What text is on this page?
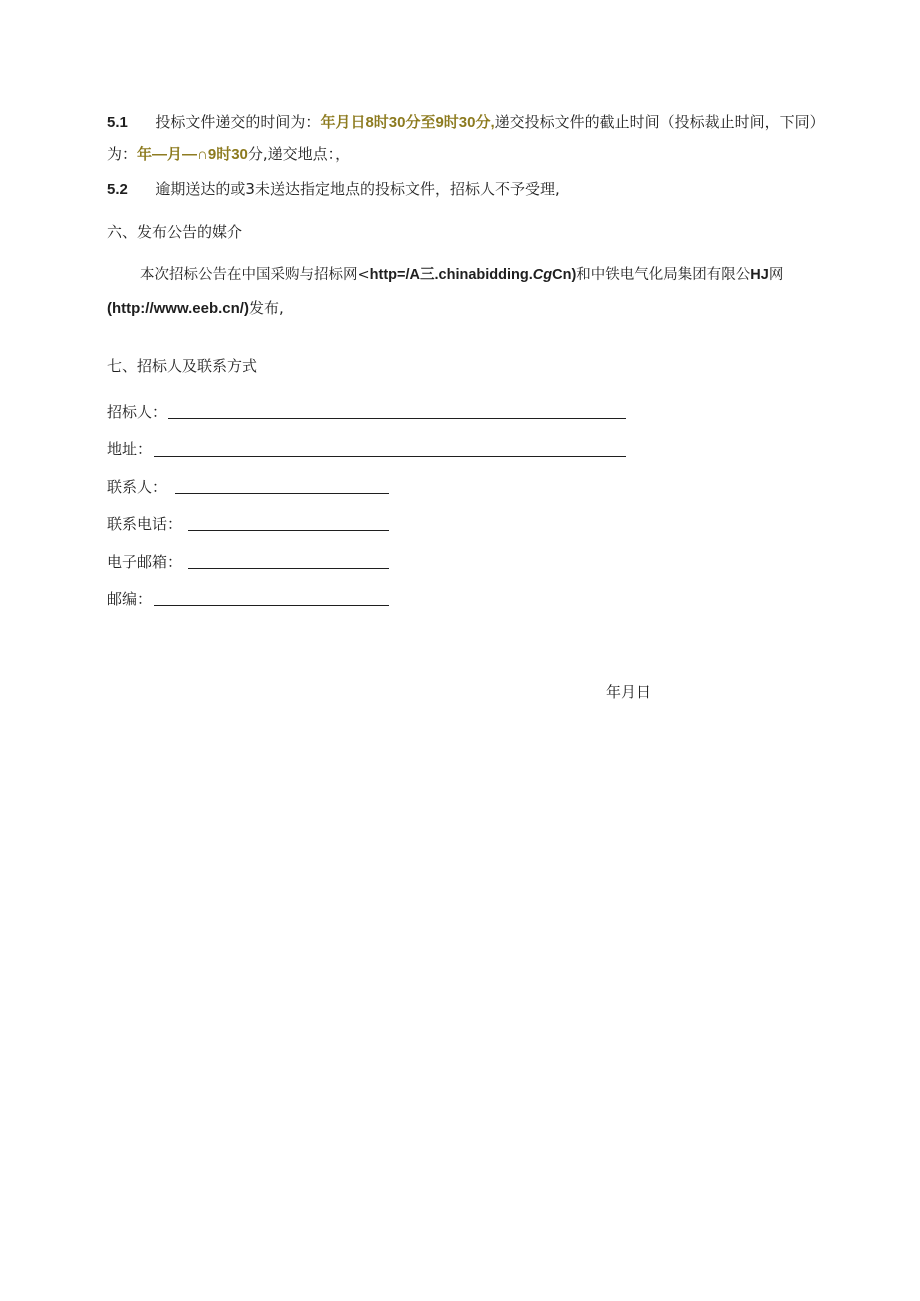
5.1 投标文件递交的时间为：年月日8时30分至9时30分,递交投标文件的截止时间（投标裁止时间，下同）
为：年—月—∩9时30分,递交地点：，
5.2 逾期送达的或3未送达指定地点的投标文件，招标人不予受理,
六、发布公告的媒介
本次招标公告在中国采购与招标网<http=/A三.chinabidding.CgCn)和中铁电气化局集团有限公HJ网
(http://www.eeb.cn/)发布,
七、招标人及联系方式
招标人：
地址：
联系人：
联系电话：
电子邮箱：
邮编：
年月日
